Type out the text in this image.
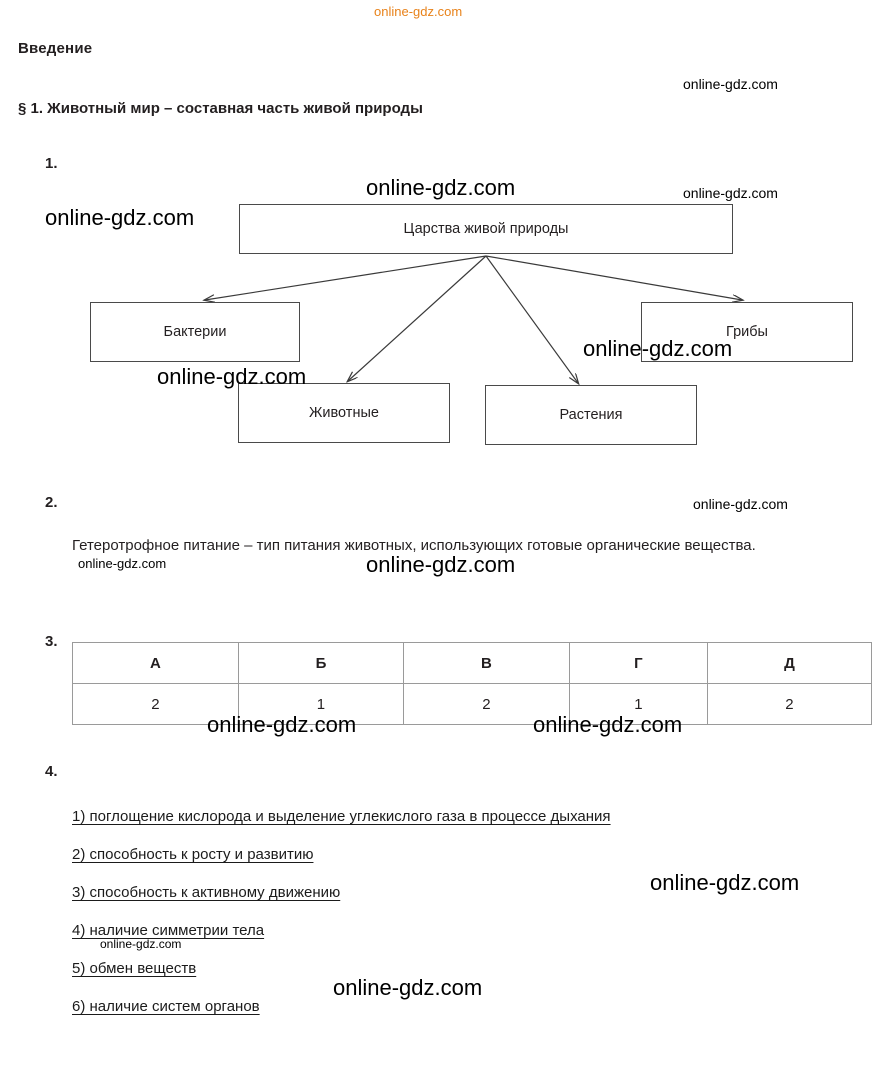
Введение
§ 1. Животный мир – составная часть живой природы
1.
2.
3.
4.
Царства живой природы
Бактерии
Животные	Растения
Грибы
Гетеротрофное питание – тип питания животных, использующих готовые органические вещества.
А	Б	В	Г	Д
2	1	2	1	2
1) поглощение кислорода и выделение углекислого газа в процессе дыхания
2) способность к росту и развитию
3) способность к активному движению
4) наличие симметрии тела
5) обмен веществ
6) наличие систем органов
online-gdz.com
online-gdz.com
online-gdz.com	online-gdz.com
online-gdz.com
online-gdz.com
online-gdz.com
online-gdz.com
online-gdz.com	online-gdz.com
online-gdz.com	online-gdz.com
online-gdz.com
online-gdz.com
online-gdz.com
